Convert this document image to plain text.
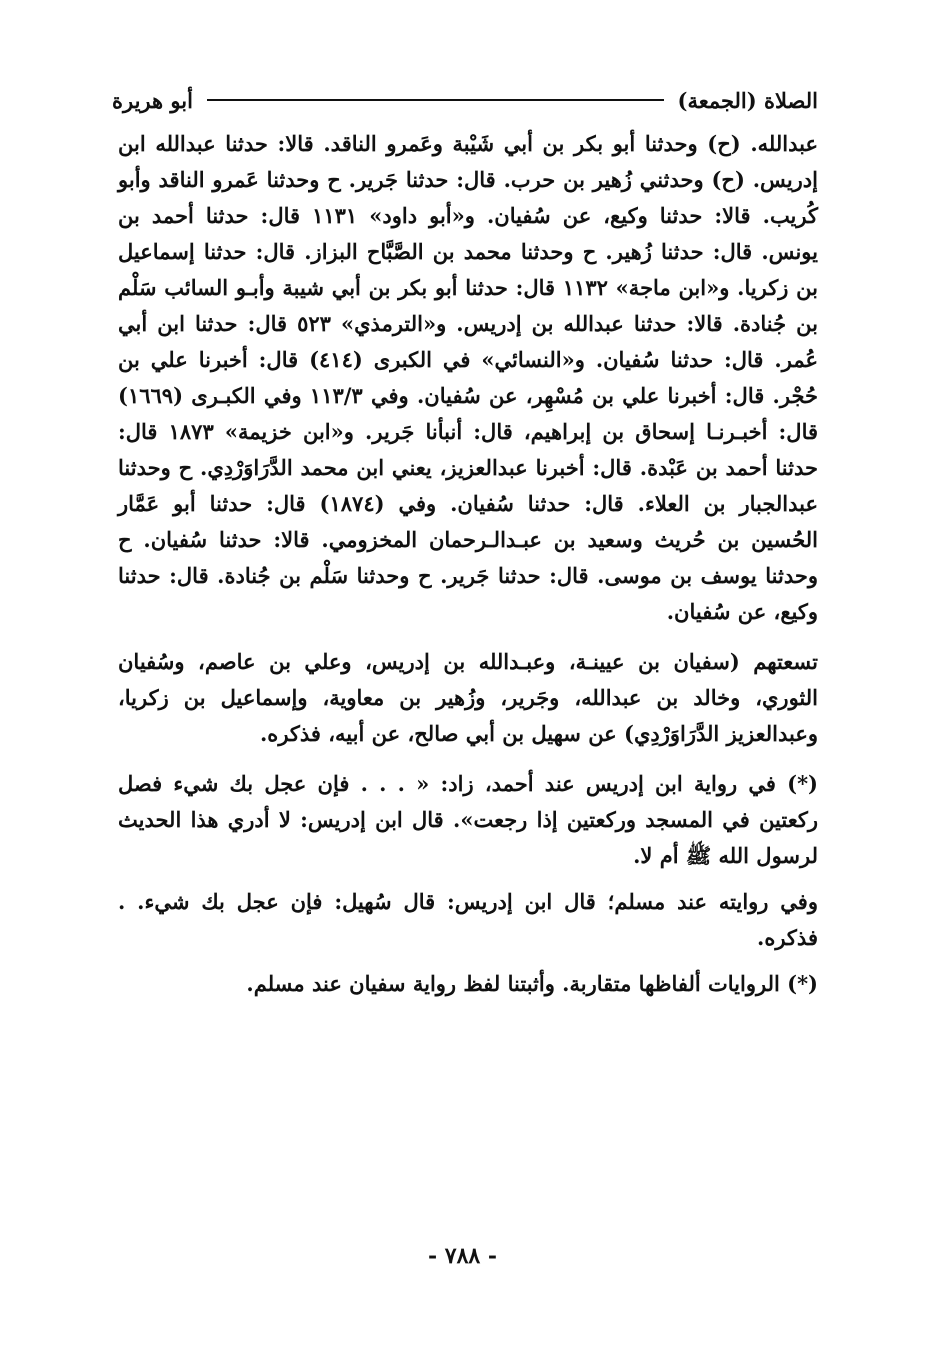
الصلاة (الجمعة)
أبو هريرة

عبدالله. (ح) وحدثنا أبو بكر بن أبي شَيْبة وعَمرو الناقد. قالا: حدثنا عبدالله ابن إدريس. (ح) وحدثني زُهير بن حرب. قال: حدثنا جَرير. ح وحدثنا عَمرو الناقد وأبو كُريب. قالا: حدثنا وكيع، عن سُفيان. و«أبو داود» ١١٣١ قال: حدثنا أحمد بن يونس. قال: حدثنا زُهير. ح وحدثنا محمد بن الصَّبَّاح البزاز. قال: حدثنا إسماعيل بن زكريا. و«ابن ماجة» ١١٣٢ قال: حدثنا أبو بكر بن أبي شيبة وأبـو السائب سَلْم بن جُنادة. قالا: حدثنا عبدالله بن إدريس. و«الترمذي» ٥٢٣ قال: حدثنا ابن أبي عُمر. قال: حدثنا سُفيان. و«النسائي» في الكبرى (٤١٤) قال: أخبرنا علي بن حُجْر. قال: أخبرنا علي بن مُسْهِر، عن سُفيان. وفي ١١٣/٣ وفي الكبـرى (١٦٦٩) قال: أخبـرنـا إسحاق بن إبراهيم، قال: أنبأنا جَرير. و«ابن خزيمة» ١٨٧٣ قال: حدثنا أحمد بن عَبْدة. قال: أخبرنا عبدالعزيز، يعني ابن محمد الدَّرَاوَرْدِي. ح وحدثنا عبدالجبار بن العلاء. قال: حدثنا سُفيان. وفي (١٨٧٤) قال: حدثنا أبو عَمَّار الحُسين بن حُريث وسعيد بن عبـدالـرحمان المخزومي. قالا: حدثنا سُفيان. ح وحدثنا يوسف بن موسى. قال: حدثنا جَرير. ح وحدثنا سَلْم بن جُنادة. قال: حدثنا وكيع، عن سُفيان.

تسعتهم (سفيان بن عيينـة، وعبـدالله بن إدريس، وعلي بن عاصم، وسُفيان الثوري، وخالد بن عبدالله، وجَرير، وزُهير بن معاوية، وإسماعيل بن زكريا، وعبدالعزيز الدَّرَاوَرْدِي) عن سهيل بن أبي صالح، عن أبيه، فذكره.

(*) في رواية ابن إدريس عند أحمد، زاد: « . . . فإن عجل بك شيء فصل ركعتين في المسجد وركعتين إذا رجعت». قال ابن إدريس: لا أدري هذا الحديث لرسول الله ﷺ أم لا.

وفي روايته عند مسلم؛ قال ابن إدريس: قال سُهيل: فإن عجل بك شيء. . فذكره.

(*) الروايات ألفاظها متقاربة. وأثبتنا لفظ رواية سفيان عند مسلم.

- ٧٨٨ -
